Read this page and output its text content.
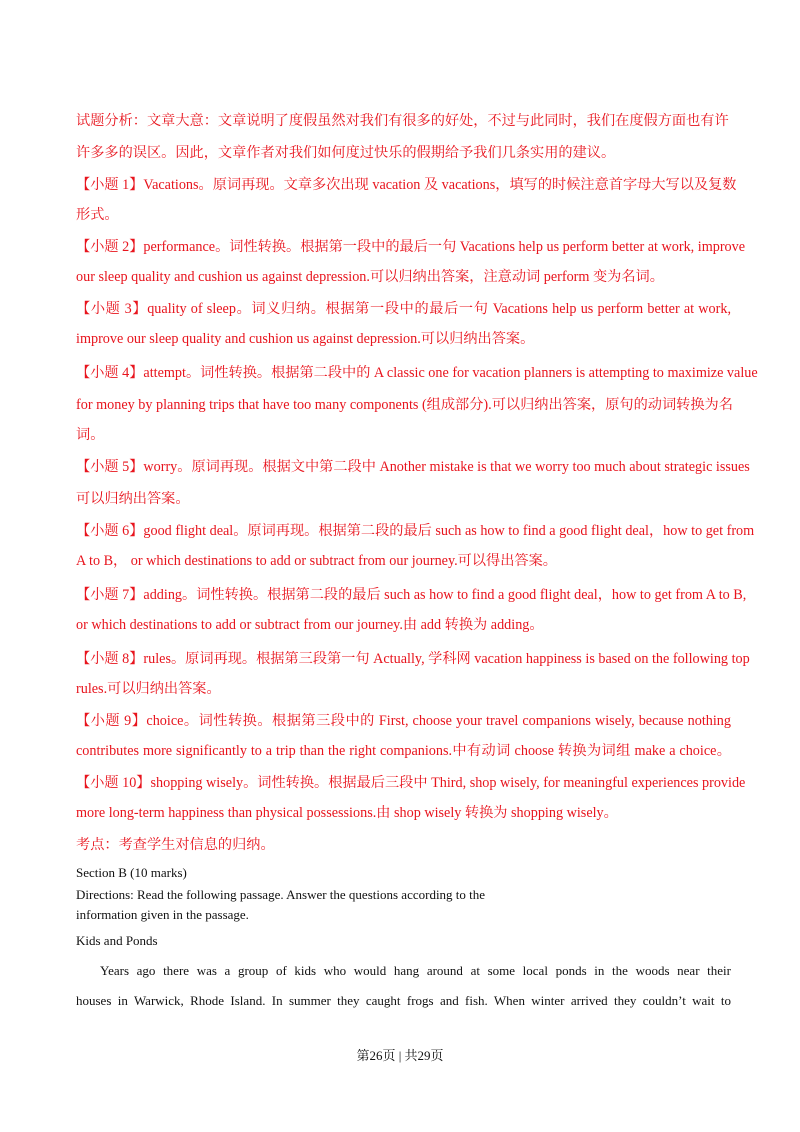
试题分析：文章大意：文章说明了度假虽然对我们有很多的好处，不过与此同时，我们在度假方面也有许
许多多的误区。因此，文章作者对我们如何度过快乐的假期给予我们几条实用的建议。
【小题 1】Vacations。原词再现。文章多次出现 vacation 及 vacations，填写的时候注意首字母大写以及复数
形式。
【小题 2】performance。词性转换。根据第一段中的最后一句 Vacations help us perform better at work, improve
our sleep quality and cushion us against depression.可以归纳出答案，注意动词 perform 变为名词。
【小题 3】quality of sleep。词义归纳。根据第一段中的最后一句 Vacations help us perform better at work,
improve our sleep quality and cushion us against depression.可以归纳出答案。
【小题 4】attempt。词性转换。根据第二段中的 A classic one for vacation planners is attempting to maximize value
for money by planning trips that have too many components (组成部分).可以归纳出答案，原句的动词转换为名
词。
【小题 5】worry。原词再现。根据文中第二段中 Another mistake is that we worry too much about strategic issues
可以归纳出答案。
【小题 6】good flight deal。原词再现。根据第二段的最后 such as how to find a good flight deal，how to get from
A to B， or which destinations to add or subtract from our journey.可以得出答案。
【小题 7】adding。词性转换。根据第二段的最后 such as how to find a good flight deal，how to get from A to B,
or which destinations to add or subtract from our journey.由 add 转换为 adding。
【小题 8】rules。原词再现。根据第三段第一句 Actually, 学科网 vacation happiness is based on the following top
rules.可以归纳出答案。
【小题 9】choice。词性转换。根据第三段中的 First, choose your travel companions wisely, because nothing
contributes more significantly to a trip than the right companions.中有动词 choose 转换为词组 make a choice。
【小题 10】shopping wisely。词性转换。根据最后三段中 Third, shop wisely, for meaningful experiences provide
more long-term happiness than physical possessions.由 shop wisely 转换为 shopping wisely。
考点：考查学生对信息的归纳。
Section B (10 marks)
Directions: Read the following passage. Answer the questions according to the
information given in the passage.
Kids and Ponds
Years ago there was a group of kids who would hang around at some local ponds in the woods near their
houses in Warwick, Rhode Island. In summer they caught frogs and fish. When winter arrived they couldn’t wait to
第26页 | 共29页
